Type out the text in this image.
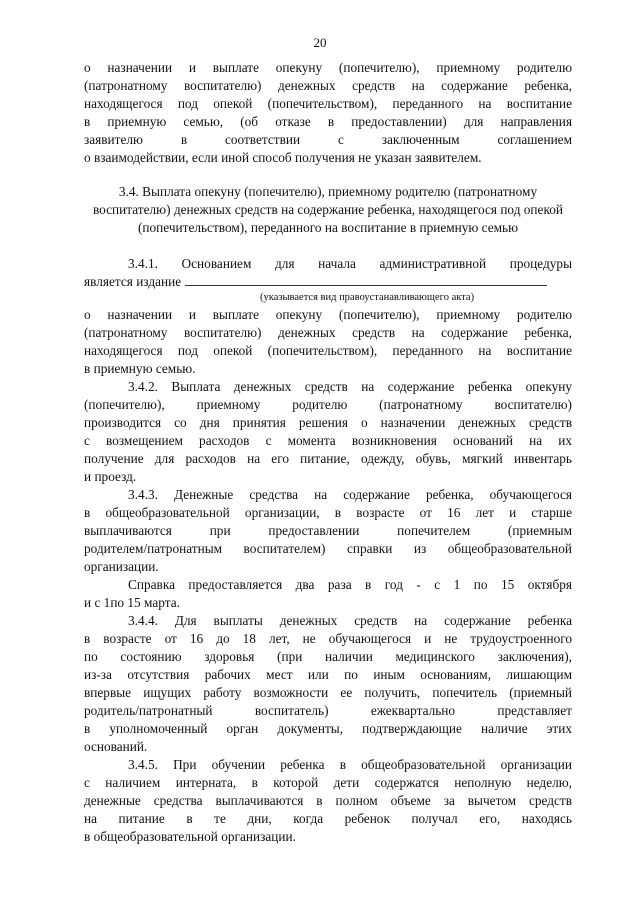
20

о назначении и выплате опекуну (попечителю), приемному родителю

(патронатному воспитателю) денежных средств на содержание ребенка,

находящегося под опекой (попечительством), переданного на воспитание

в приемную семью, (об отказе в предоставлении) для направления

заявителю в соответствии с заключенным соглашением

о взаимодействии, если иной способ получения не указан заявителем.

3.4. Выплата опекуну (попечителю), приемному родителю (патронатному воспитателю) денежных средств на содержание ребенка, находящегося под опекой (попечительством), переданного на воспитание в приемную семью

3.4.1. Основанием для начала административной процедуры

является издание

(указывается вид правоустанавливающего акта)

о назначении и выплате опекуну (попечителю), приемному родителю

(патронатному воспитателю) денежных средств на содержание ребенка,

находящегося под опекой (попечительством), переданного на воспитание

в приемную семью.

3.4.2. Выплата денежных средств на содержание ребенка опекуну

(попечителю), приемному родителю (патронатному воспитателю)

производится со дня принятия решения о назначении денежных средств

с возмещением расходов с момента возникновения оснований на их

получение для расходов на его питание, одежду, обувь, мягкий инвентарь

и проезд.

3.4.3. Денежные средства на содержание ребенка, обучающегося

в общеобразовательной организации, в возрасте от 16 лет и старше

выплачиваются при предоставлении попечителем (приемным

родителем/патронатным воспитателем) справки из общеобразовательной

организации.

Справка предоставляется два раза в год - с 1 по 15 октября

и с 1по 15 марта.

3.4.4. Для выплаты денежных средств на содержание ребенка

в возрасте от 16 до 18 лет, не обучающегося и не трудоустроенного

по состоянию здоровья (при наличии медицинского заключения),

из-за отсутствия рабочих мест или по иным основаниям, лишающим

впервые ищущих работу возможности ее получить, попечитель (приемный

родитель/патронатный воспитатель) ежеквартально представляет

в уполномоченный орган документы, подтверждающие наличие этих

оснований.

3.4.5. При обучении ребенка в общеобразовательной организации

с наличием интерната, в которой дети содержатся неполную неделю,

денежные средства выплачиваются в полном объеме за вычетом средств

на питание в те дни, когда ребенок получал его, находясь

в общеобразовательной организации.
